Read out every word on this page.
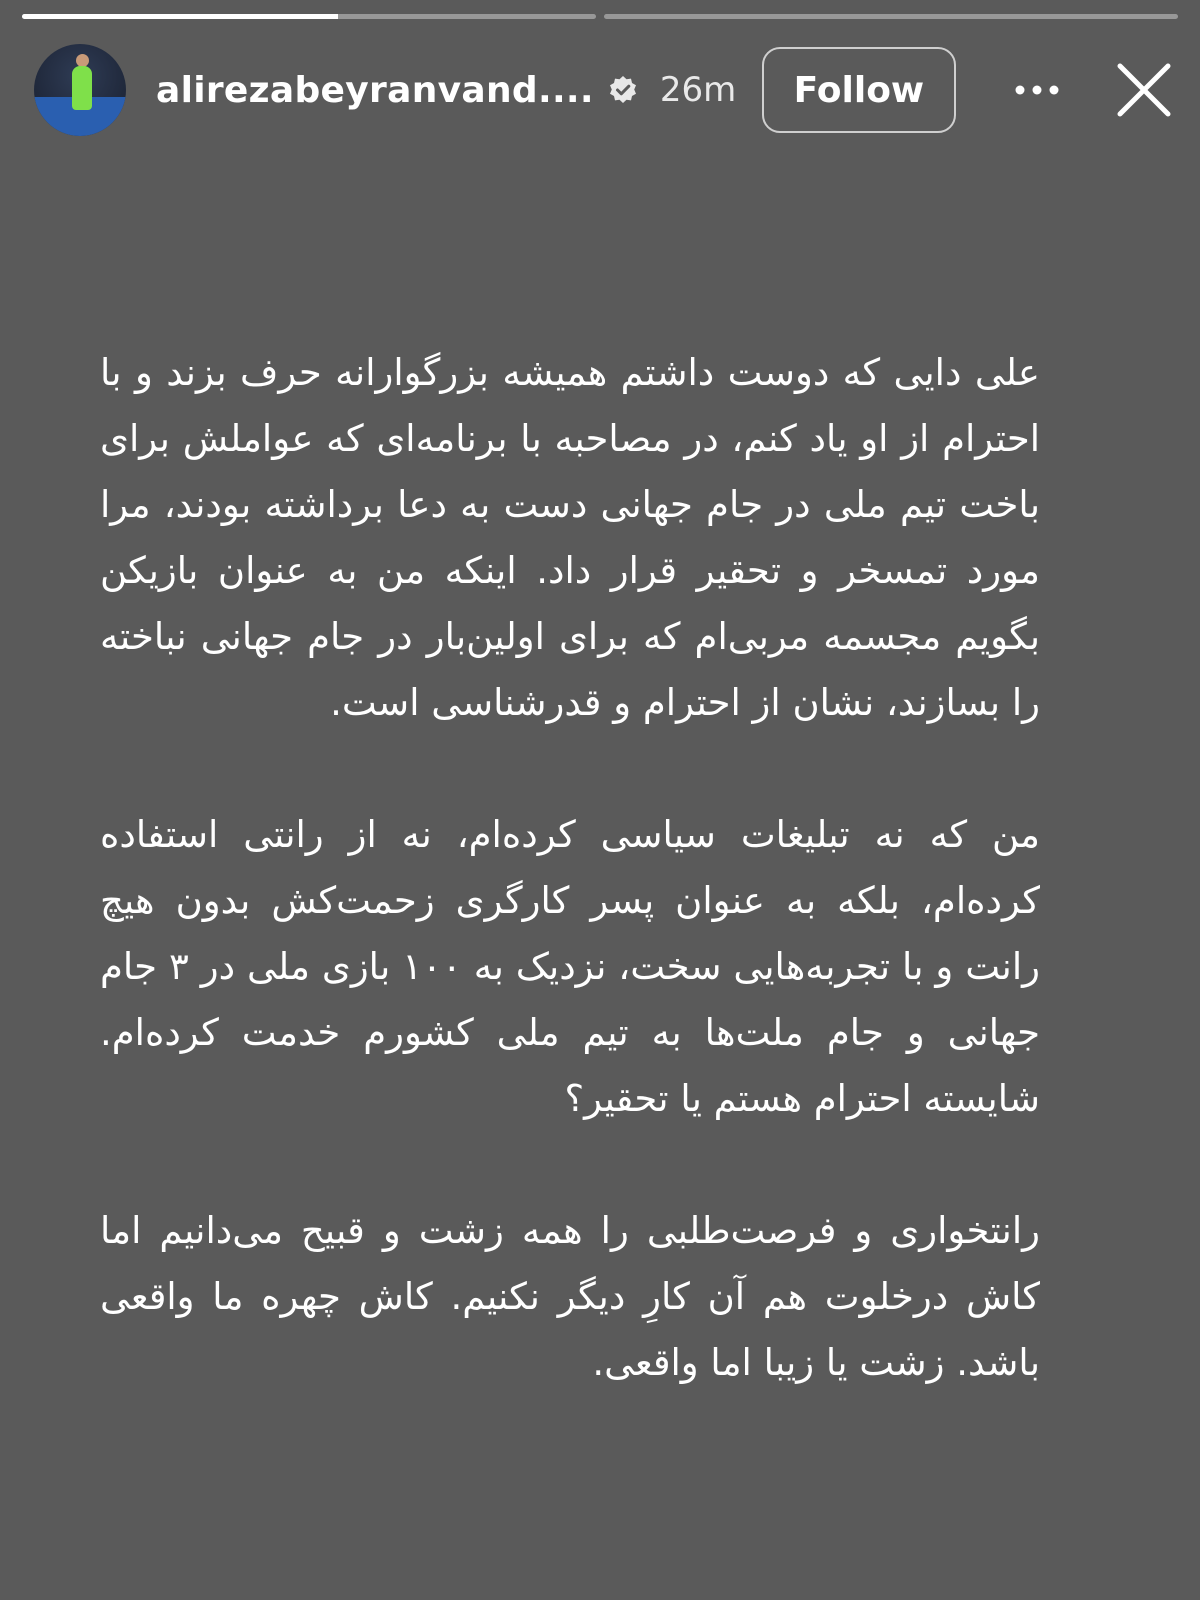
alirezabeyranvand.... 26m	Follow

علی دایی که دوست داشتم همیشه بزرگوارانه حرف بزند و با احترام از او یاد کنم، در مصاحبه با برنامه‌ای که عواملش برای باخت تیم ملی در جام جهانی دست به دعا برداشته بودند، مرا مورد تمسخر و تحقیر قرار داد. اینکه من به عنوان بازیکن بگویم مجسمه مربی‌ام که برای اولین‌بار در جام جهانی نباخته را بسازند، نشان از احترام و قدرشناسی است.

من که نه تبلیغات سیاسی کرده‌ام، نه از رانتی استفاده کرده‌ام، بلکه به عنوان پسر کارگری زحمت‌کش بدون هیچ رانت و با تجربه‌هایی سخت، نزدیک به ۱۰۰ بازی ملی در ۳ جام جهانی و جام ملت‌ها به تیم ملی کشورم خدمت کرده‌ام. شایسته احترام هستم یا تحقیر؟

رانتخواری و فرصت‌طلبی را همه زشت و قبیح می‌دانیم اما کاش درخلوت هم آن کارِ دیگر نکنیم. کاش چهره ما واقعی باشد. زشت یا زیبا اما واقعی.
